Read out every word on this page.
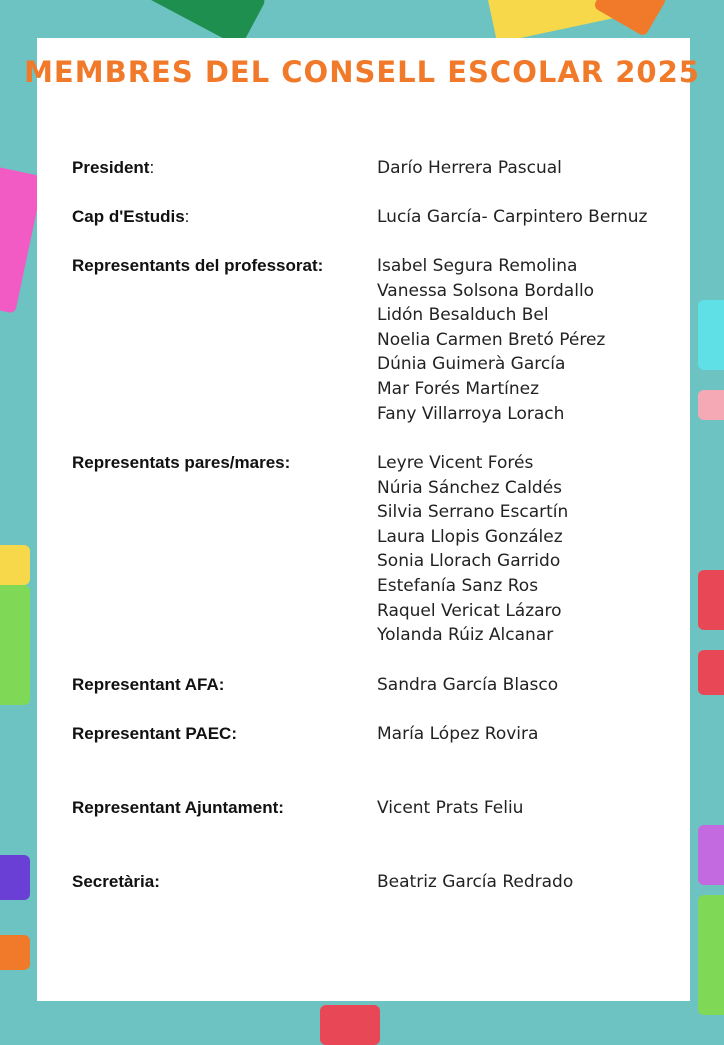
MEMBRES DEL CONSELL ESCOLAR 2025
President:	Darío Herrera Pascual
Cap d'Estudis:	Lucía García- Carpintero Bernuz
Representants del professorat:	Isabel Segura Remolina
Vanessa Solsona Bordallo
Lidón Besalduch Bel
Noelia Carmen Bretó Pérez
Dúnia Guimerà García
Mar Forés Martínez
Fany Villarroya Lorach
Representats pares/mares:	Leyre Vicent Forés
Núria Sánchez Caldés
Silvia Serrano Escartín
Laura Llopis González
Sonia Llorach Garrido
Estefanía Sanz Ros
Raquel Vericat Lázaro
Yolanda Rúiz Alcanar
Representant AFA:	Sandra García Blasco
Representant PAEC:	María López Rovira
Representant Ajuntament:	Vicent Prats Feliu
Secretària:	Beatriz García Redrado
